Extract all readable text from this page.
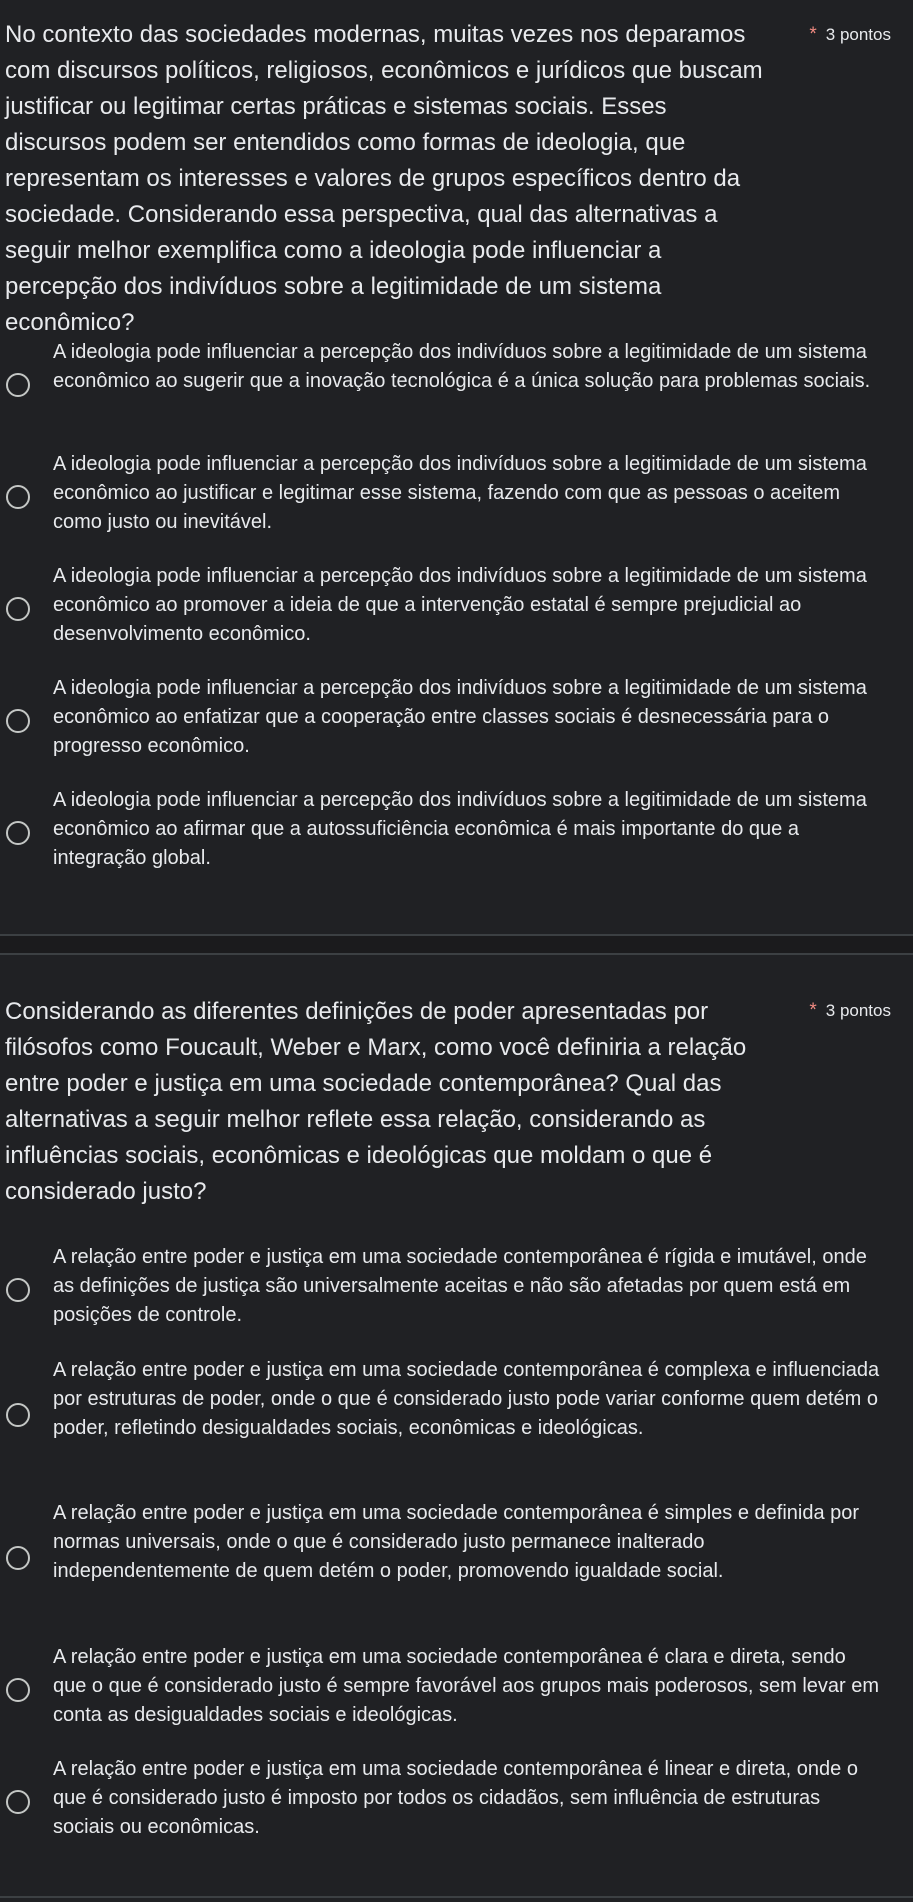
No contexto das sociedades modernas, muitas vezes nos deparamos com discursos políticos, religiosos, econômicos e jurídicos que buscam justificar ou legitimar certas práticas e sistemas sociais. Esses discursos podem ser entendidos como formas de ideologia, que representam os interesses e valores de grupos específicos dentro da sociedade. Considerando essa perspectiva, qual das alternativas a seguir melhor exemplifica como a ideologia pode influenciar a percepção dos indivíduos sobre a legitimidade de um sistema econômico?

* 3 pontos
A ideologia pode influenciar a percepção dos indivíduos sobre a legitimidade de um sistema econômico ao sugerir que a inovação tecnológica é a única solução para problemas sociais.
A ideologia pode influenciar a percepção dos indivíduos sobre a legitimidade de um sistema econômico ao justificar e legitimar esse sistema, fazendo com que as pessoas o aceitem como justo ou inevitável.
A ideologia pode influenciar a percepção dos indivíduos sobre a legitimidade de um sistema econômico ao promover a ideia de que a intervenção estatal é sempre prejudicial ao desenvolvimento econômico.
A ideologia pode influenciar a percepção dos indivíduos sobre a legitimidade de um sistema econômico ao enfatizar que a cooperação entre classes sociais é desnecessária para o progresso econômico.
A ideologia pode influenciar a percepção dos indivíduos sobre a legitimidade de um sistema econômico ao afirmar que a autossuficiência econômica é mais importante do que a integração global.

Considerando as diferentes definições de poder apresentadas por filósofos como Foucault, Weber e Marx, como você definiria a relação entre poder e justiça em uma sociedade contemporânea? Qual das alternativas a seguir melhor reflete essa relação, considerando as influências sociais, econômicas e ideológicas que moldam o que é considerado justo?

* 3 pontos
A relação entre poder e justiça em uma sociedade contemporânea é rígida e imutável, onde as definições de justiça são universalmente aceitas e não são afetadas por quem está em posições de controle.
A relação entre poder e justiça em uma sociedade contemporânea é complexa e influenciada por estruturas de poder, onde o que é considerado justo pode variar conforme quem detém o poder, refletindo desigualdades sociais, econômicas e ideológicas.
A relação entre poder e justiça em uma sociedade contemporânea é simples e definida por normas universais, onde o que é considerado justo permanece inalterado independentemente de quem detém o poder, promovendo igualdade social.
A relação entre poder e justiça em uma sociedade contemporânea é clara e direta, sendo que o que é considerado justo é sempre favorável aos grupos mais poderosos, sem levar em conta as desigualdades sociais e ideológicas.
A relação entre poder e justiça em uma sociedade contemporânea é linear e direta, onde o que é considerado justo é imposto por todos os cidadãos, sem influência de estruturas sociais ou econômicas.
